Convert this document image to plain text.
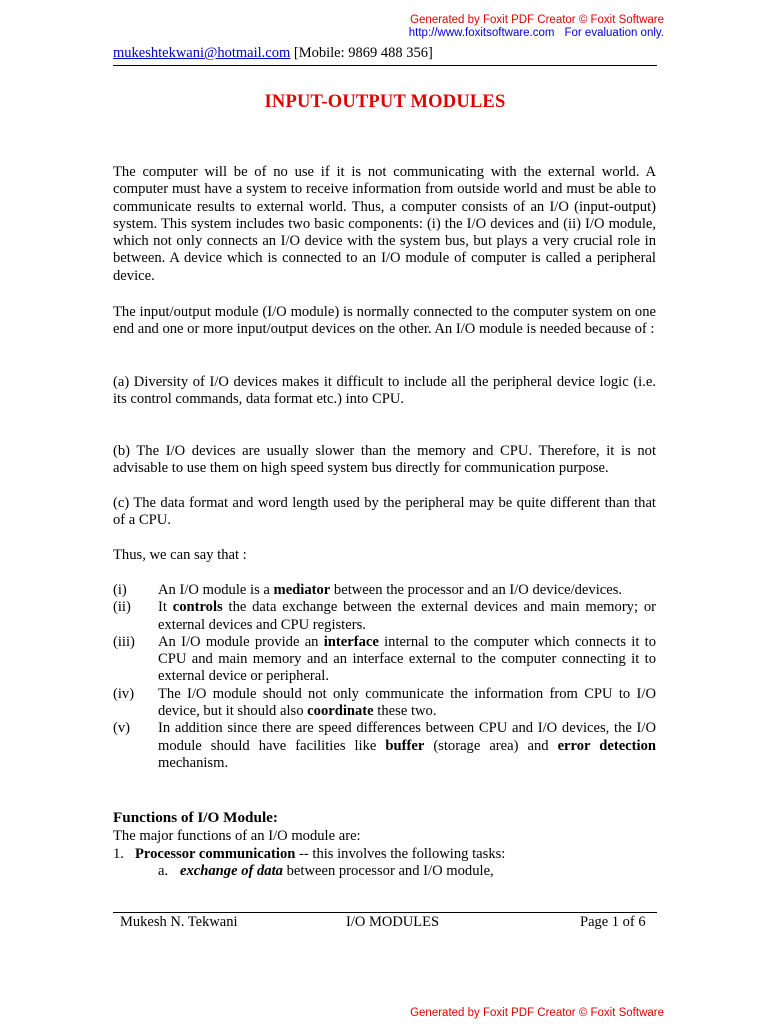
Generated by Foxit PDF Creator © Foxit Software
http://www.foxitsoftware.com For evaluation only.
mukeshtekwani@hotmail.com [Mobile: 9869 488 356]
INPUT-OUTPUT MODULES

The computer will be of no use if it is not communicating with the external world. A computer must have a system to receive information from outside world and must be able to communicate results to external world. Thus, a computer consists of an I/O (input-output) system. This system includes two basic components: (i) the I/O devices and (ii) I/O module, which not only connects an I/O device with the system bus, but plays a very crucial role in between. A device which is connected to an I/O module of computer is called a peripheral device.

The input/output module (I/O module) is normally connected to the computer system on one end and one or more input/output devices on the other. An I/O module is needed because of :

(a) Diversity of I/O devices makes it difficult to include all the peripheral device logic (i.e. its control commands, data format etc.) into CPU.

(b) The I/O devices are usually slower than the memory and CPU. Therefore, it is not advisable to use them on high speed system bus directly for communication purpose.

(c) The data format and word length used by the peripheral may be quite different than that of a CPU.

Thus, we can say that :

(i)	An I/O module is a mediator between the processor and an I/O device/devices.
(ii)	It controls the data exchange between the external devices and main memory; or external devices and CPU registers.
(iii)	An I/O module provide an interface internal to the computer which connects it to CPU and main memory and an interface external to the computer connecting it to external device or peripheral.
(iv)	The I/O module should not only communicate the information from CPU to I/O device, but it should also coordinate these two.
(v)	In addition since there are speed differences between CPU and I/O devices, the I/O module should have facilities like buffer (storage area) and error detection mechanism.
Functions of I/O Module:
The major functions of an I/O module are:
1. Processor communication -- this involves the following tasks:
a. exchange of data between processor and I/O module,
Mukesh N. Tekwani	I/O MODULES	Page 1 of 6
Generated by Foxit PDF Creator © Foxit Software
